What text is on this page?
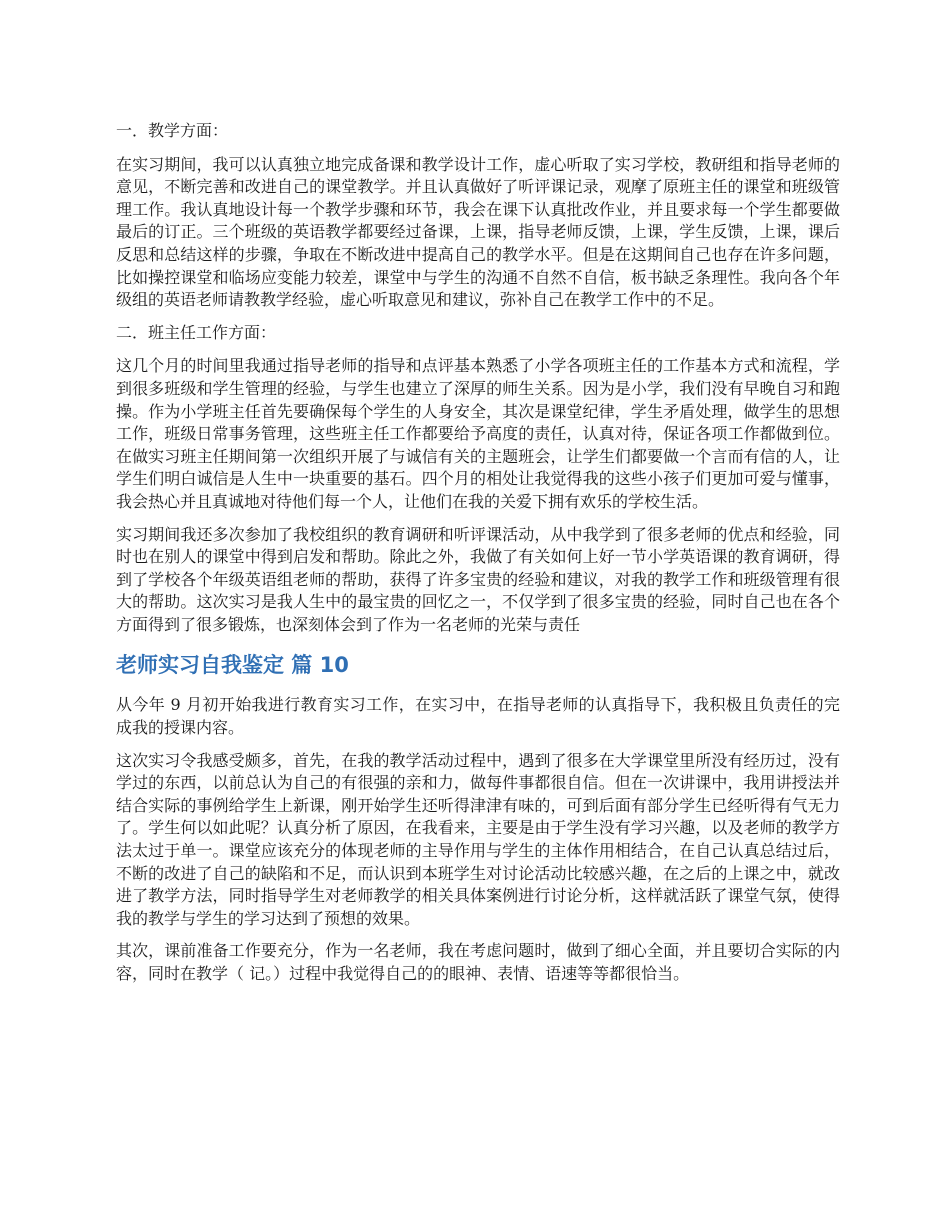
一．教学方面：

在实习期间，我可以认真独立地完成备课和教学设计工作，虚心听取了实习学校，教研组和指导老师的意见，不断完善和改进自己的课堂教学。并且认真做好了听评课记录，观摩了原班主任的课堂和班级管理工作。我认真地设计每一个教学步骤和环节，我会在课下认真批改作业，并且要求每一个学生都要做最后的订正。三个班级的英语教学都要经过备课，上课，指导老师反馈，上课，学生反馈，上课，课后反思和总结这样的步骤，争取在不断改进中提高自己的教学水平。但是在这期间自己也存在许多问题，比如操控课堂和临场应变能力较差，课堂中与学生的沟通不自然不自信，板书缺乏条理性。我向各个年级组的英语老师请教教学经验，虚心听取意见和建议，弥补自己在教学工作中的不足。

二．班主任工作方面：

这几个月的时间里我通过指导老师的指导和点评基本熟悉了小学各项班主任的工作基本方式和流程，学到很多班级和学生管理的经验，与学生也建立了深厚的师生关系。因为是小学，我们没有早晚自习和跑操。作为小学班主任首先要确保每个学生的人身安全，其次是课堂纪律，学生矛盾处理，做学生的思想工作，班级日常事务管理，这些班主任工作都要给予高度的责任，认真对待，保证各项工作都做到位。在做实习班主任期间第一次组织开展了与诚信有关的主题班会，让学生们都要做一个言而有信的人，让学生们明白诚信是人生中一块重要的基石。四个月的相处让我觉得我的这些小孩子们更加可爱与懂事，我会热心并且真诚地对待他们每一个人，让他们在我的关爱下拥有欢乐的学校生活。

实习期间我还多次参加了我校组织的教育调研和听评课活动，从中我学到了很多老师的优点和经验，同时也在别人的课堂中得到启发和帮助。除此之外，我做了有关如何上好一节小学英语课的教育调研，得到了学校各个年级英语组老师的帮助，获得了许多宝贵的经验和建议，对我的教学工作和班级管理有很大的帮助。这次实习是我人生中的最宝贵的回忆之一，不仅学到了很多宝贵的经验，同时自己也在各个方面得到了很多锻炼，也深刻体会到了作为一名老师的光荣与责任

老师实习自我鉴定 篇 10

从今年 9 月初开始我进行教育实习工作，在实习中，在指导老师的认真指导下，我积极且负责任的完成我的授课内容。

这次实习令我感受颇多，首先，在我的教学活动过程中，遇到了很多在大学课堂里所没有经历过，没有学过的东西，以前总认为自己的有很强的亲和力，做每件事都很自信。但在一次讲课中，我用讲授法并结合实际的事例给学生上新课，刚开始学生还听得津津有味的，可到后面有部分学生已经听得有气无力了。学生何以如此呢？认真分析了原因，在我看来，主要是由于学生没有学习兴趣，以及老师的教学方法太过于单一。课堂应该充分的体现老师的主导作用与学生的主体作用相结合，在自己认真总结过后，不断的改进了自己的缺陷和不足，而认识到本班学生对讨论活动比较感兴趣，在之后的上课之中，就改进了教学方法，同时指导学生对老师教学的相关具体案例进行讨论分析，这样就活跃了课堂气氛，使得我的教学与学生的学习达到了预想的效果。

其次，课前准备工作要充分，作为一名老师，我在考虑问题时，做到了细心全面，并且要切合实际的内容，同时在教学（ 记。）过程中我觉得自己的的眼神、表情、语速等等都很恰当。
